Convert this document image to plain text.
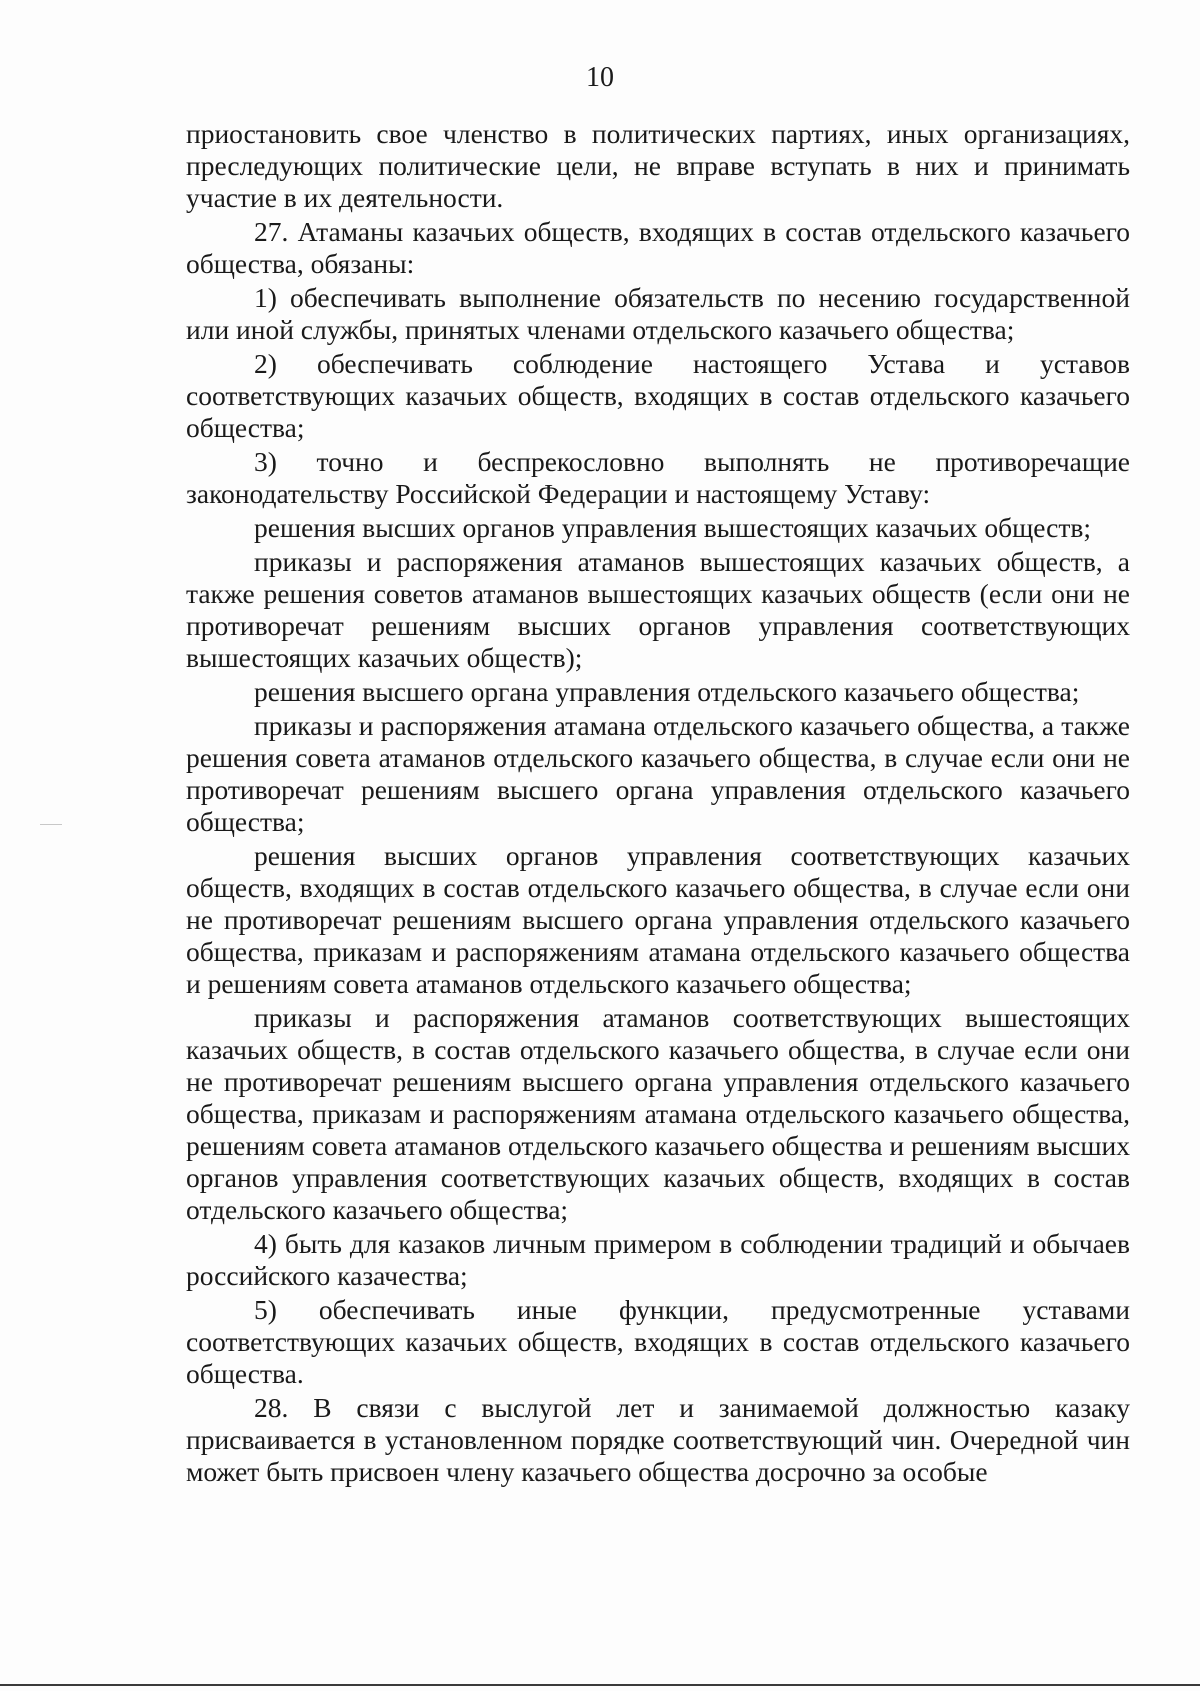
10

приостановить свое членство в политических партиях, иных организациях, преследующих политические цели, не вправе вступать в них и принимать участие в их деятельности.

27. Атаманы казачьих обществ, входящих в состав отдельского казачьего общества, обязаны:

1) обеспечивать выполнение обязательств по несению государственной или иной службы, принятых членами отдельского казачьего общества;

2) обеспечивать соблюдение настоящего Устава и уставов соответствующих казачьих обществ, входящих в состав отдельского казачьего общества;

3) точно и беспрекословно выполнять не противоречащие законодательству Российской Федерации и настоящему Уставу:

решения высших органов управления вышестоящих казачьих обществ;

приказы и распоряжения атаманов вышестоящих казачьих обществ, а также решения советов атаманов вышестоящих казачьих обществ (если они не противоречат решениям высших органов управления соответствующих вышестоящих казачьих обществ);

решения высшего органа управления отдельского казачьего общества;

приказы и распоряжения атамана отдельского казачьего общества, а также решения совета атаманов отдельского казачьего общества, в случае если они не противоречат решениям высшего органа управления отдельского казачьего общества;

решения высших органов управления соответствующих казачьих обществ, входящих в состав отдельского казачьего общества, в случае если они не противоречат решениям высшего органа управления отдельского казачьего общества, приказам и распоряжениям атамана отдельского казачьего общества и решениям совета атаманов отдельского казачьего общества;

приказы и распоряжения атаманов соответствующих вышестоящих казачьих обществ, в состав отдельского казачьего общества, в случае если они не противоречат решениям высшего органа управления отдельского казачьего общества, приказам и распоряжениям атамана отдельского казачьего общества, решениям совета атаманов отдельского казачьего общества и решениям высших органов управления соответствующих казачьих обществ, входящих в состав отдельского казачьего общества;

4) быть для казаков личным примером в соблюдении традиций и обычаев российского казачества;

5) обеспечивать иные функции, предусмотренные уставами соответствующих казачьих обществ, входящих в состав отдельского казачьего общества.

28. В связи с выслугой лет и занимаемой должностью казаку присваивается в установленном порядке соответствующий чин. Очередной чин может быть присвоен члену казачьего общества досрочно за особые
